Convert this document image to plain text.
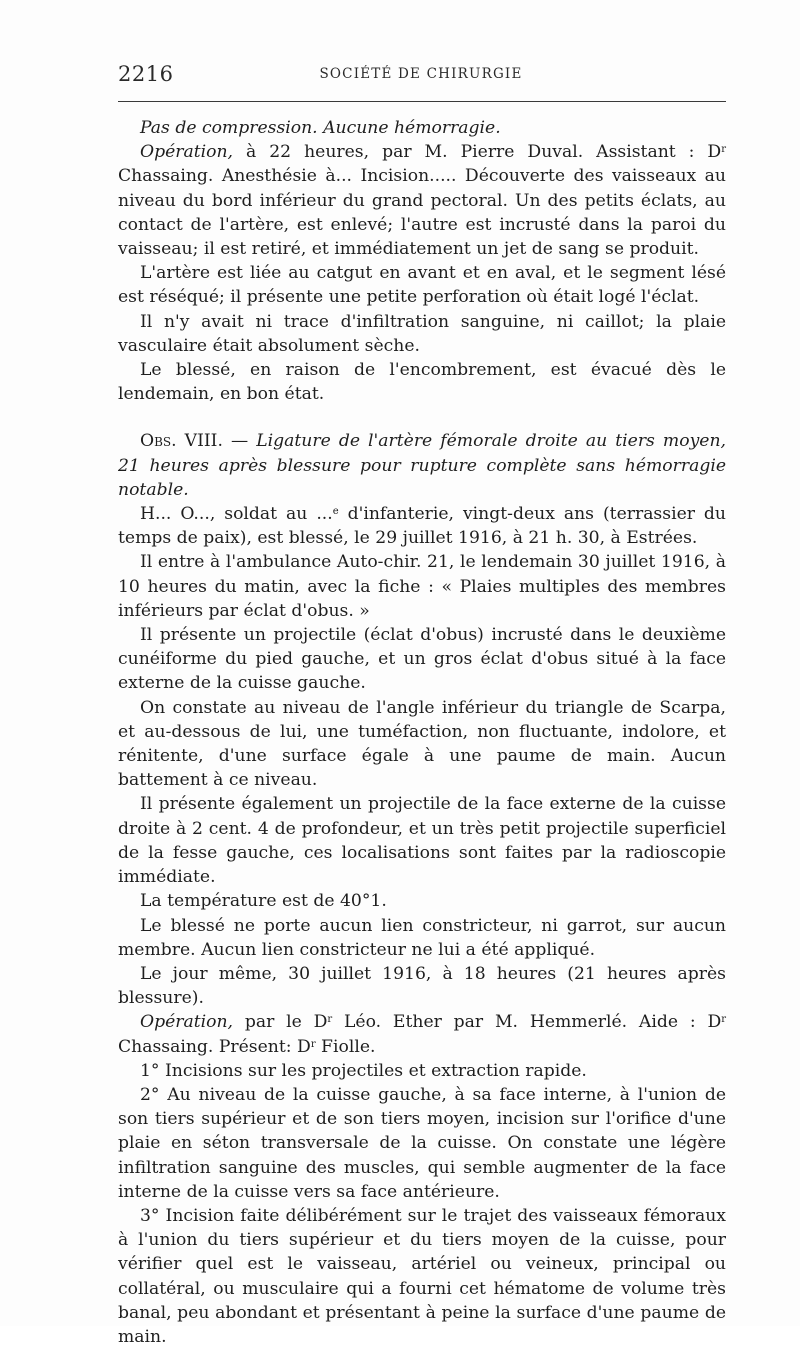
2216	SOCIÉTÉ DE CHIRURGIE

Pas de compression. Aucune hémorragie.

Opération, à 22 heures, par M. Pierre Duval. Assistant : $D^r$ Chassaing. Anesthésie à... Incision..... Découverte des vaisseaux au niveau du bord inférieur du grand pectoral. Un des petits éclats, au contact de l'artère, est enlevé; l'autre est incrusté dans la paroi du vaisseau; il est retiré, et immédiatement un jet de sang se produit.

L'artère est liée au catgut en avant et en aval, et le segment lésé est réséqué; il présente une petite perforation où était logé l'éclat.

Il n'y avait ni trace d'infiltration sanguine, ni caillot; la plaie vasculaire était absolument sèche.

Le blessé, en raison de l'encombrement, est évacué dès le lendemain, en bon état.

Obs. VIII. — Ligature de l'artère fémorale droite au tiers moyen, 21 heures après blessure pour rupture complète sans hémorragie notable.

H... O..., soldat au ...$^e$ d'infanterie, vingt-deux ans (terrassier du temps de paix), est blessé, le 29 juillet 1916, à 21 h. 30, à Estrées.

Il entre à l'ambulance Auto-chir. 21, le lendemain 30 juillet 1916, à 10 heures du matin, avec la fiche : « Plaies multiples des membres inférieurs par éclat d'obus. »

Il présente un projectile (éclat d'obus) incrusté dans le deuxième cunéiforme du pied gauche, et un gros éclat d'obus situé à la face externe de la cuisse gauche.

On constate au niveau de l'angle inférieur du triangle de Scarpa, et au-dessous de lui, une tuméfaction, non fluctuante, indolore, et rénitente, d'une surface égale à une paume de main. Aucun battement à ce niveau.

Il présente également un projectile de la face externe de la cuisse droite à 2 cent. 4 de profondeur, et un très petit projectile superficiel de la fesse gauche, ces localisations sont faites par la radioscopie immédiate.

La température est de 40°1.

Le blessé ne porte aucun lien constricteur, ni garrot, sur aucun membre. Aucun lien constricteur ne lui a été appliqué.

Le jour même, 30 juillet 1916, à 18 heures (21 heures après blessure).

Opération, par le $D^r$ Léo. Ether par M. Hemmerlé. Aide : $D^r$ Chassaing. Présent: $D^r$ Fiolle.

1° Incisions sur les projectiles et extraction rapide.

2° Au niveau de la cuisse gauche, à sa face interne, à l'union de son tiers supérieur et de son tiers moyen, incision sur l'orifice d'une plaie en séton transversale de la cuisse. On constate une légère infiltration sanguine des muscles, qui semble augmenter de la face interne de la cuisse vers sa face antérieure.

3° Incision faite délibérément sur le trajet des vaisseaux fémoraux à l'union du tiers supérieur et du tiers moyen de la cuisse, pour vérifier quel est le vaisseau, artériel ou veineux, principal ou collatéral, ou musculaire qui a fourni cet hématome de volume très banal, peu abondant et présentant à peine la surface d'une paume de main.
